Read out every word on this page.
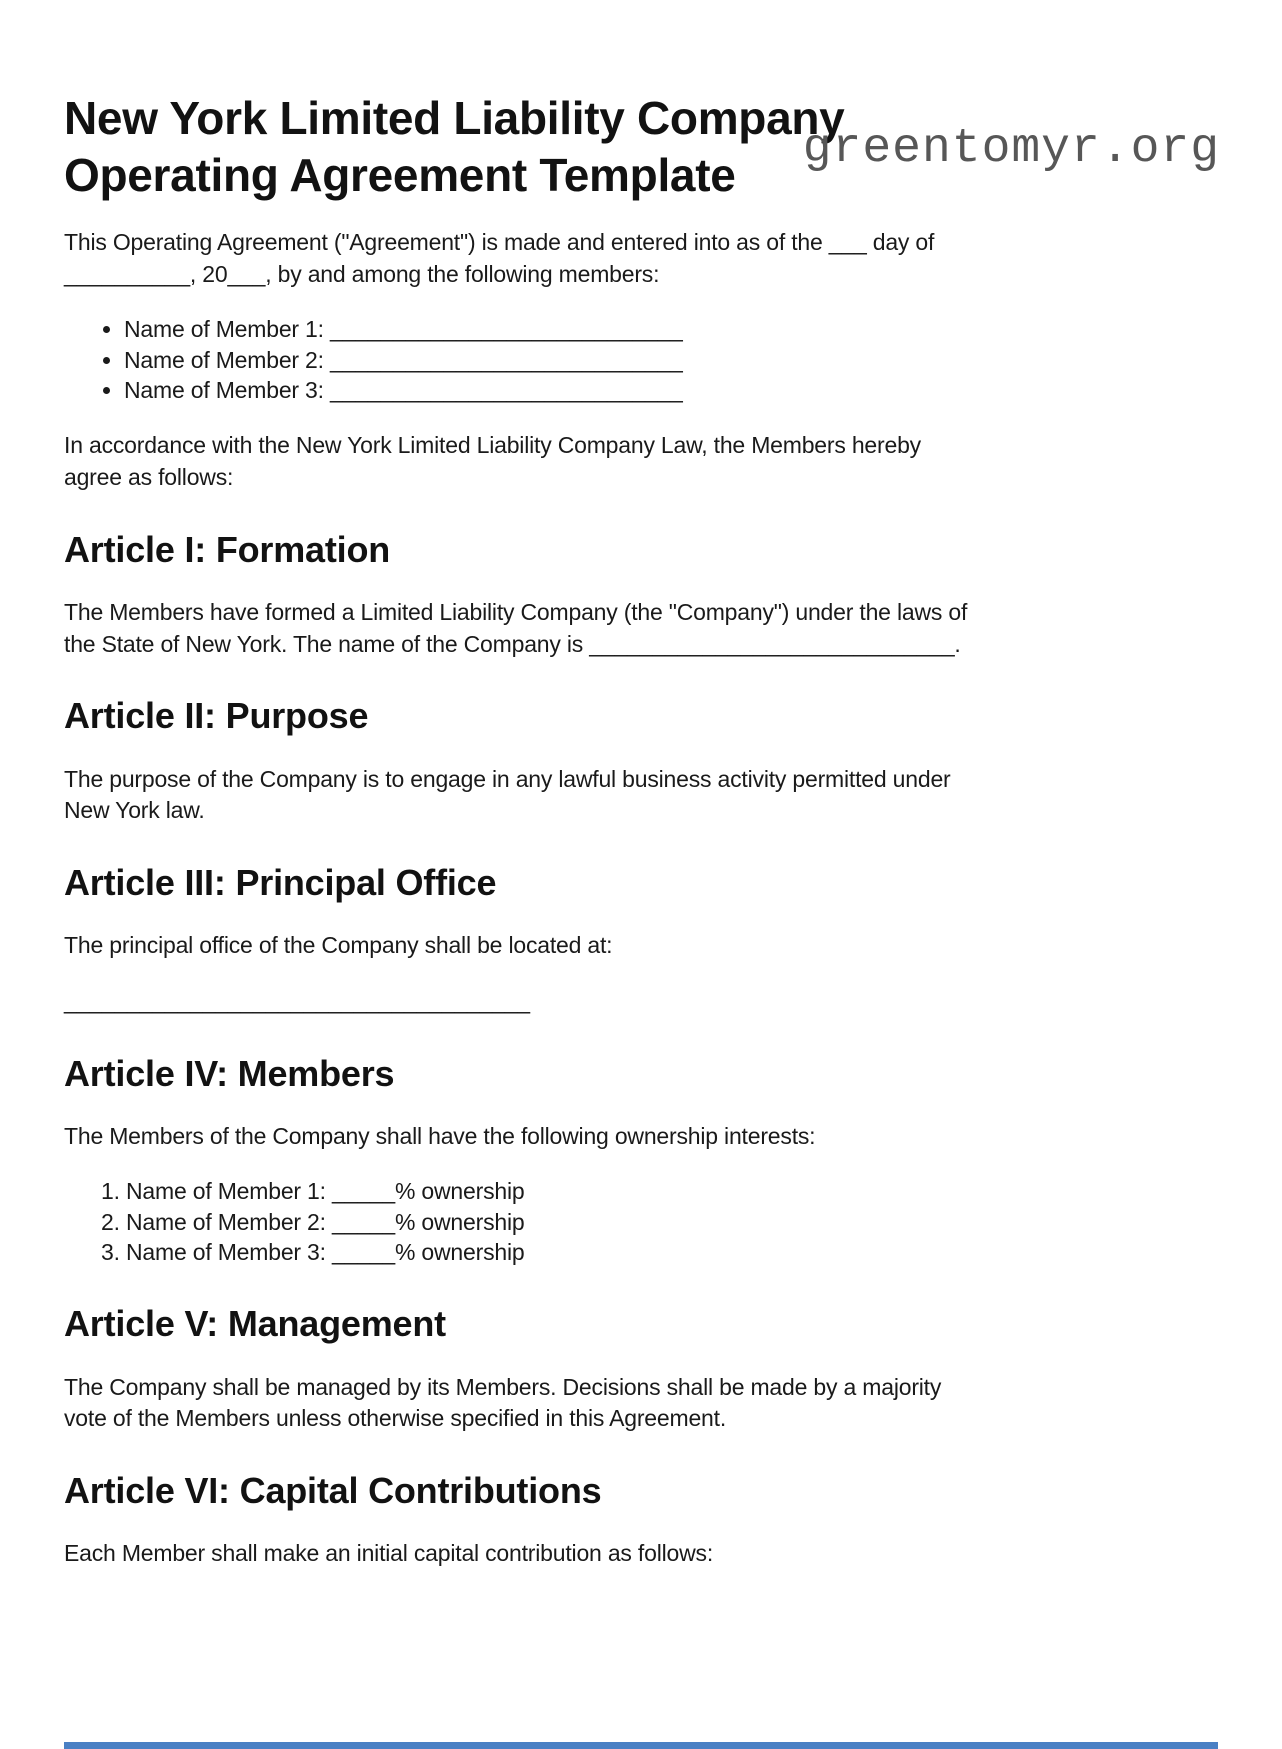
greentomyr.org
New York Limited Liability Company
Operating Agreement Template

This Operating Agreement ("Agreement") is made and entered into as of the ___ day of
__________, 20___, by and among the following members:

• Name of Member 1: ____________________________
• Name of Member 2: ____________________________
• Name of Member 3: ____________________________

In accordance with the New York Limited Liability Company Law, the Members hereby
agree as follows:

Article I: Formation

The Members have formed a Limited Liability Company (the "Company") under the laws of
the State of New York. The name of the Company is _____________________________.

Article II: Purpose

The purpose of the Company is to engage in any lawful business activity permitted under
New York law.

Article III: Principal Office

The principal office of the Company shall be located at:

_____________________________________

Article IV: Members

The Members of the Company shall have the following ownership interests:

1. Name of Member 1: _____% ownership
2. Name of Member 2: _____% ownership
3. Name of Member 3: _____% ownership
Article V: Management

The Company shall be managed by its Members. Decisions shall be made by a majority
vote of the Members unless otherwise specified in this Agreement.

Article VI: Capital Contributions

Each Member shall make an initial capital contribution as follows:
